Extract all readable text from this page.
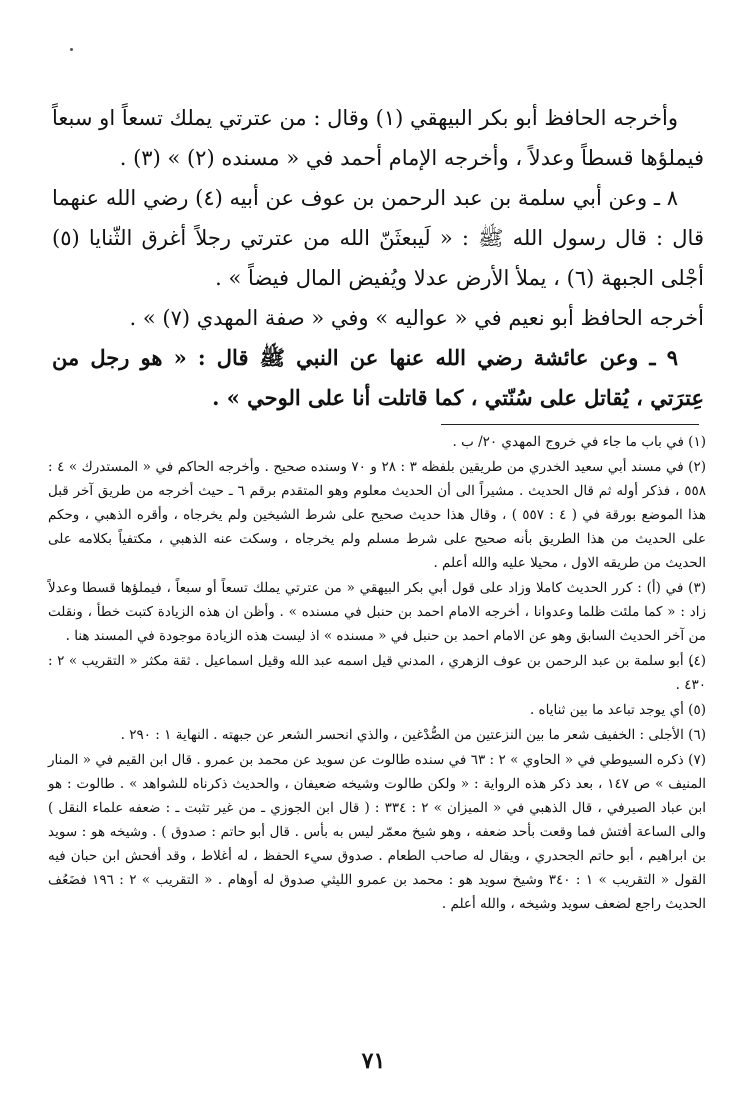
وأخرجه الحافظ أبو بكر البيهقي (١) وقال : من عترتي يملك تسعاً او سبعاً فيملؤها قسطاً وعدلاً ، وأخرجه الإمام أحمد في « مسنده (٢) » (٣) .

٨ ـ وعن أبي سلمة بن عبد الرحمن بن عوف عن أبيه (٤) رضي الله عنهما قال : قال رسول الله ﷺ : « لَيبعثَنّ الله من عترتي رجلاً أغرق الثّنايا (٥) أجْلى الجبهة (٦) ، يملأ الأرض عدلا ويُفيض المال فيضاً » .

أخرجه الحافظ أبو نعيم في « عواليه » وفي « صفة المهدي (٧) » .

٩ ـ وعن عائشة رضي الله عنها عن النبي ﷺ قال : « هو رجل من عِترَتي ، يُقاتل على سُنّتي ، كما قاتلت أنا على الوحي » .

(١) في باب ما جاء في خروج المهدي ٢٠/ ب .
(٢) في مسند أبي سعيد الخدري من طريقين بلفظه ٣ : ٢٨ و ٧٠ وسنده صحيح . وأخرجه الحاكم في « المستدرك » ٤ : ٥٥٨ ، فذكر أوله ثم قال الحديث . مشيراً الى أن الحديث معلوم وهو المتقدم برقم ٦ ـ حيث أخرجه من طريق آخر قبل هذا الموضع بورقة في ( ٤ : ٥٥٧ ) ، وقال هذا حديث صحيح على شرط الشيخين ولم يخرجاه ، وأقره الذهبي ، وحكم على الحديث من هذا الطريق بأنه صحيح على شرط مسلم ولم يخرجاه ، وسكت عنه الذهبي ، مكتفياً بكلامه على الحديث من طريقه الاول ، محيلا عليه والله أعلم .
(٣) في (أ) : كرر الحديث كاملا وزاد على قول أبي بكر البيهقي « من عترتي يملك تسعاً أو سبعاً ، فيملؤها قسطا وعدلاً زاد : « كما ملئت ظلما وعدوانا ، أخرجه الامام احمد بن حنبل في مسنده » . وأظن ان هذه الزيادة كتبت خطأ ، ونقلت من آخر الحديث السابق وهو عن الامام احمد بن حنبل في « مسنده » اذ ليست هذه الزيادة موجودة في المسند هنا .
(٤) أبو سلمة بن عبد الرحمن بن عوف الزهري ، المدني قيل اسمه عبد الله وقيل اسماعيل . ثقة مكثر « التقريب » ٢ : ٤٣٠ .
(٥) أي يوجد تباعد ما بين ثناياه .
(٦) الأجلى : الخفيف شعر ما بين النزعتين من الصُّدْغين ، والذي انحسر الشعر عن جبهته . النهاية ١ : ٢٩٠ .
(٧) ذكره السيوطي في « الحاوي » ٢ : ٦٣ في سنده طالوت عن سويد عن محمد بن عمرو . قال ابن القيم في « المنار المنيف » ص ١٤٧ ، بعد ذكر هذه الرواية : « ولكن طالوت وشيخه ضعيفان ، والحديث ذكرناه للشواهد » . طالوت : هو ابن عباد الصيرفي ، قال الذهبي في « الميزان » ٢ : ٣٣٤ : ( قال ابن الجوزي ـ من غير تثبت ـ : ضعفه علماء النقل ) والى الساعة أفتش فما وقعت بأحد ضعفه ، وهو شيخ معمّر ليس به بأس . قال أبو حاتم : صدوق ) . وشيخه هو : سويد بن ابراهيم ، أبو حاتم الجحدري ، ويقال له صاحب الطعام . صدوق سيء الحفظ ، له أغلاط ، وقد أفحش ابن حبان فيه القول « التقريب » ١ : ٣٤٠ وشيخ سويد هو : محمد بن عمرو الليثي صدوق له أوهام . « التقريب » ٢ : ١٩٦ فضَعُف الحديث راجع لضعف سويد وشيخه ، والله أعلم .
٧١
